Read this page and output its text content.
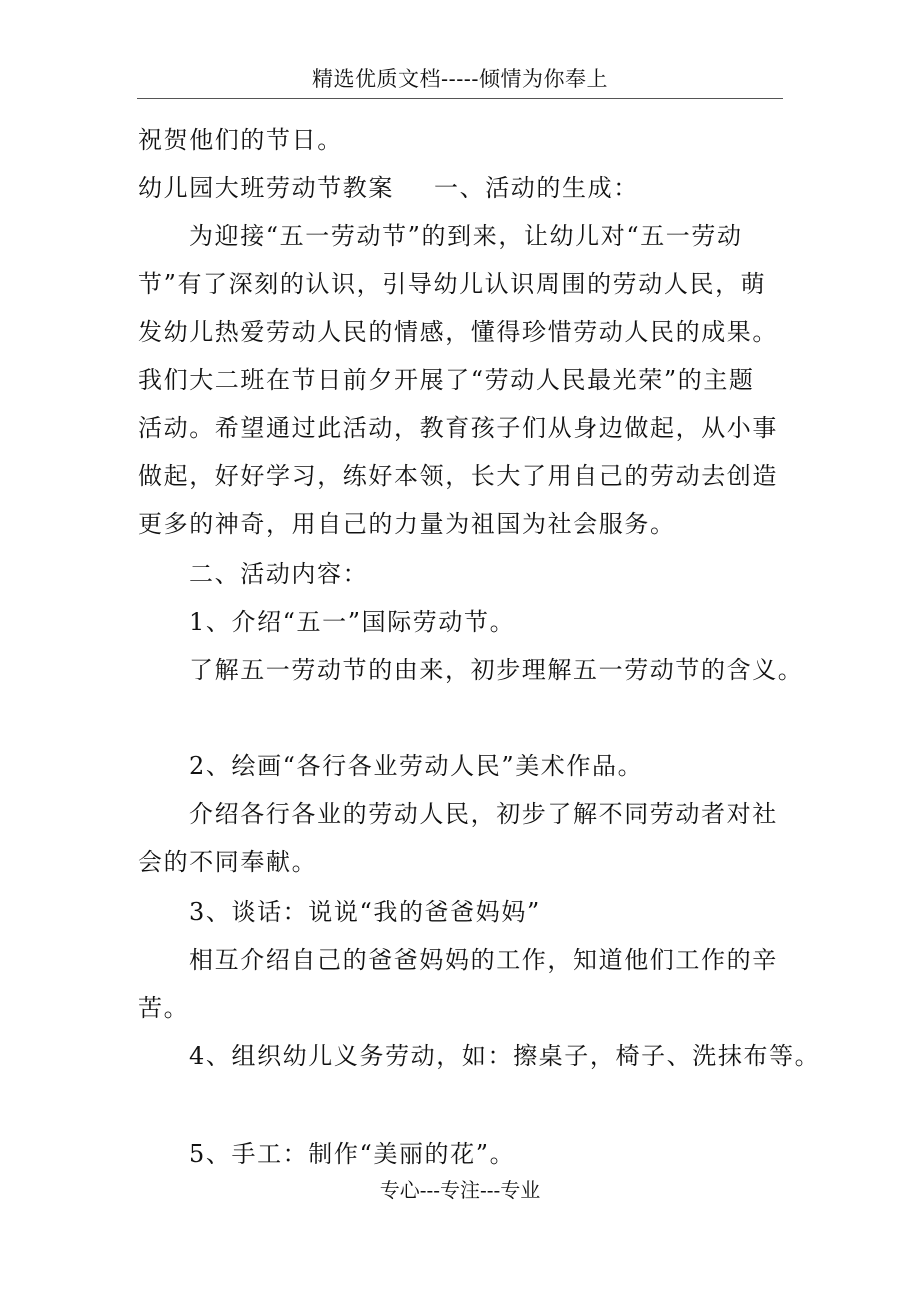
精选优质文档-----倾情为你奉上
祝贺他们的节日。
幼儿园大班劳动节教案 一、活动的生成：
为迎接“五一劳动节”的到来，让幼儿对“五一劳动
节”有了深刻的认识，引导幼儿认识周围的劳动人民，萌
发幼儿热爱劳动人民的情感，懂得珍惜劳动人民的成果。
我们大二班在节日前夕开展了“劳动人民最光荣”的主题
活动。希望通过此活动，教育孩子们从身边做起，从小事
做起，好好学习，练好本领，长大了用自己的劳动去创造
更多的神奇，用自己的力量为祖国为社会服务。
二、活动内容：
1、介绍“五一”国际劳动节。
了解五一劳动节的由来，初步理解五一劳动节的含义。
2、绘画“各行各业劳动人民”美术作品。
介绍各行各业的劳动人民，初步了解不同劳动者对社
会的不同奉献。
3、谈话：说说“我的爸爸妈妈”
相互介绍自己的爸爸妈妈的工作，知道他们工作的辛
苦。
4、组织幼儿义务劳动，如：擦桌子，椅子、洗抹布等。
5、手工：制作“美丽的花”。
专心---专注---专业
